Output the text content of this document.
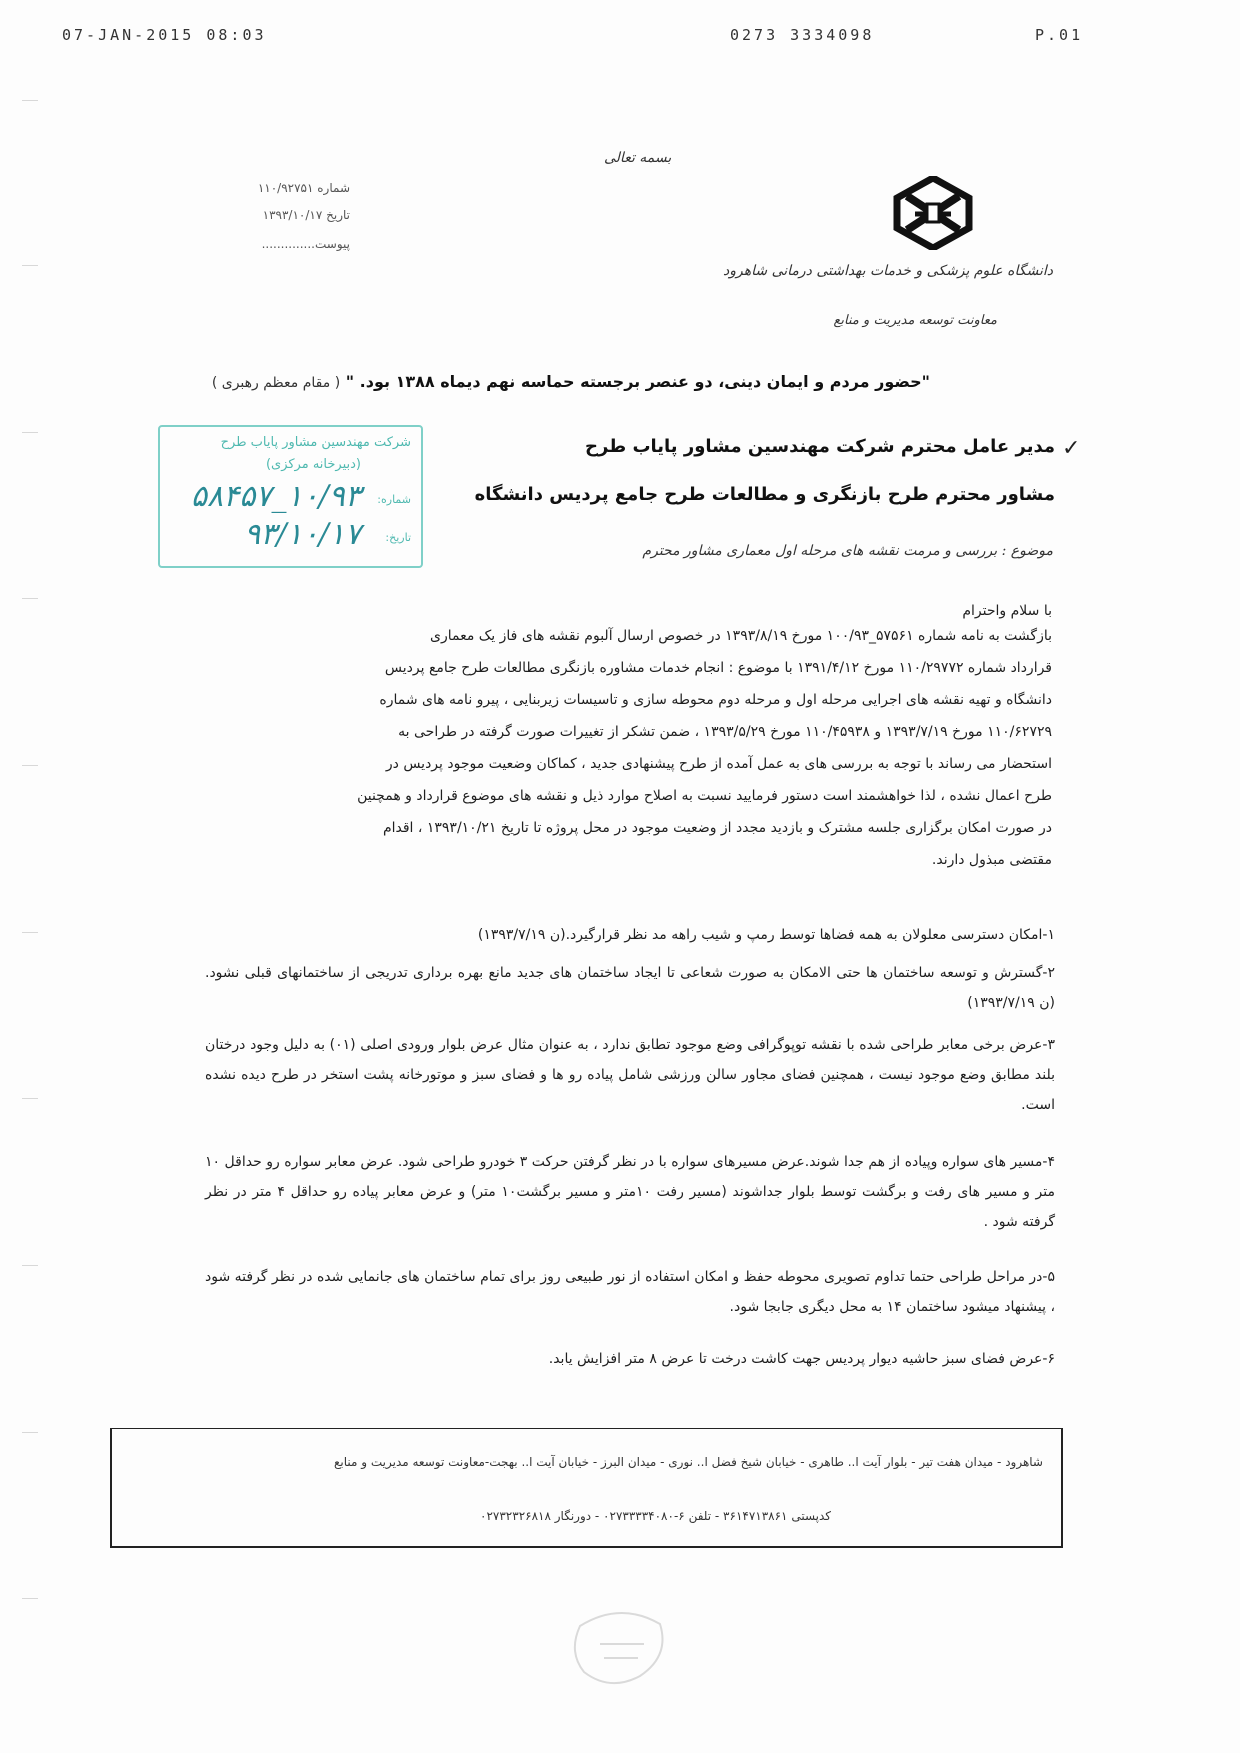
07-JAN-2015 08:03	0273 3334098	P.01
شماره ۱۱۰/۹۲۷۵۱
تاریخ ۱۳۹۳/۱۰/۱۷
پیوست..............
بسمه تعالی
دانشگاه علوم پزشکی و خدمات بهداشتی درمانی شاهرود
معاونت توسعه مدیریت و منابع
"حضور مردم و ایمان دینی، دو عنصر برجسته حماسه نهم دیماه ۱۳۸۸ بود. " ( مقام معظم رهبری )
✓
مدیر عامل محترم شرکت مهندسین مشاور پایاب طرح
مشاور محترم طرح بازنگری و مطالعات طرح جامع پردیس دانشگاه
موضوع : بررسی و مرمت نقشه های مرحله اول معماری مشاور محترم
شرکت مهندسین مشاور پایاب طرح
(دبیرخانه مرکزی)
شماره:
۱۰/۹۳_۵۸۴۵۷
تاریخ:
۹۳/۱۰/۱۷
با سلام واحترام
بازگشت به نامه شماره ۵۷۵۶۱_۱۰۰/۹۳ مورخ ۱۳۹۳/۸/۱۹ در خصوص ارسال آلبوم نقشه های فاز یک معماری
قرارداد شماره ۱۱۰/۲۹۷۷۲ مورخ ۱۳۹۱/۴/۱۲ با موضوع : انجام خدمات مشاوره بازنگری مطالعات طرح جامع پردیس
دانشگاه و تهیه نقشه های اجرایی مرحله اول و مرحله دوم محوطه سازی و تاسیسات زیربنایی ، پیرو نامه های شماره
۱۱۰/۶۲۷۲۹ مورخ ۱۳۹۳/۷/۱۹ و ۱۱۰/۴۵۹۳۸ مورخ ۱۳۹۳/۵/۲۹ ، ضمن تشکر از تغییرات صورت گرفته در طراحی به
استحضار می رساند با توجه به بررسی های به عمل آمده از طرح پیشنهادی جدید ، کماکان وضعیت موجود پردیس در
طرح اعمال نشده ، لذا خواهشمند است دستور فرمایید نسبت به اصلاح موارد ذیل و نقشه های موضوع قرارداد و همچنین
در صورت امکان برگزاری جلسه مشترک و بازدید مجدد از وضعیت موجود در محل پروژه تا تاریخ ۱۳۹۳/۱۰/۲۱ ، اقدام
مقتضی مبذول دارند.
۱-امکان دسترسی معلولان به همه فضاها توسط رمپ و شیب راهه مد نظر قرارگیرد.(ن ۱۳۹۳/۷/۱۹)
۲-گسترش و توسعه ساختمان ها حتی الامکان به صورت شعاعی تا ایجاد ساختمان های جدید مانع بهره برداری تدریجی از ساختمانهای قبلی نشود. (ن ۱۳۹۳/۷/۱۹)
۳-عرض برخی معابر طراحی شده با نقشه توپوگرافی وضع موجود تطابق ندارد ، به عنوان مثال عرض بلوار ورودی اصلی (۰۱) به دلیل وجود درختان بلند مطابق وضع موجود نیست ، همچنین فضای مجاور سالن ورزشی شامل پیاده رو ها و فضای سبز و موتورخانه پشت استخر در طرح دیده نشده است.
۴-مسیر های سواره وپیاده از هم جدا شوند.عرض مسیرهای سواره با در نظر گرفتن حرکت ۳ خودرو طراحی شود. عرض معابر سواره رو حداقل ۱۰ متر و مسیر های رفت و برگشت توسط بلوار جداشوند (مسیر رفت ۱۰متر و مسیر برگشت۱۰ متر) و عرض معابر پیاده رو حداقل ۴ متر در نظر گرفته شود .
۵-در مراحل طراحی حتما تداوم تصویری محوطه حفظ و امکان استفاده از نور طبیعی روز برای تمام ساختمان های جانمایی شده در نظر گرفته شود ، پیشنهاد میشود ساختمان ۱۴ به محل دیگری جابجا شود.
۶-عرض فضای سبز حاشیه دیوار پردیس جهت کاشت درخت تا عرض ۸ متر افزایش یابد.
شاهرود - میدان هفت تیر - بلوار آیت ا.. طاهری - خیابان شیخ فضل ا.. نوری - میدان البرز - خیابان آیت ا.. بهجت-معاونت توسعه مدیریت و منابع
کدپستی ۳۶۱۴۷۱۳۸۶۱ - تلفن ۶-۰۲۷۳۳۳۳۴۰۸۰ - دورنگار ۰۲۷۳۲۳۲۶۸۱۸
